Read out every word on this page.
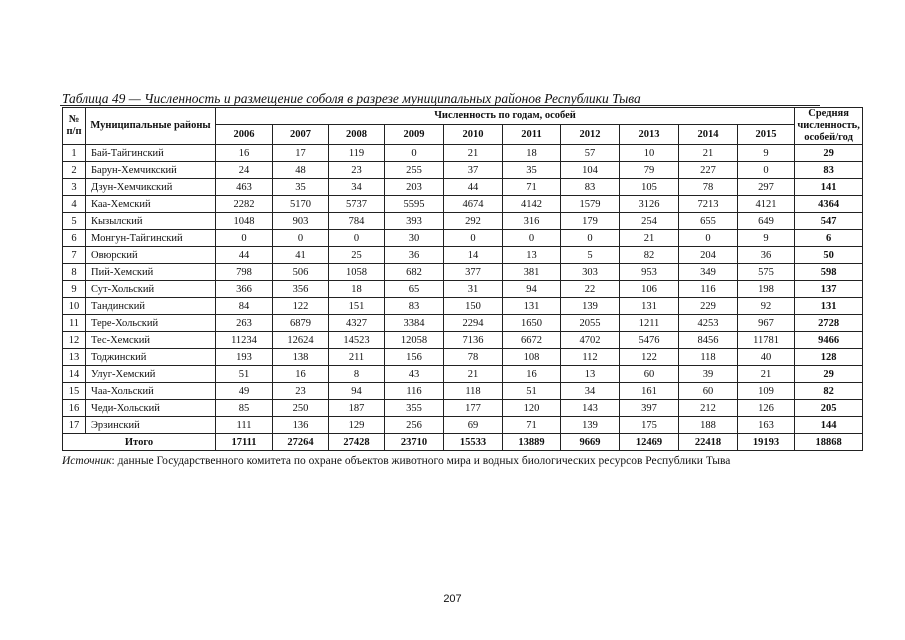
Таблица 49 — Численность и размещение соболя в разрезе муниципальных районов Республики Тыва
№ п/п	Муниципальные районы	Численность по годам, особей										Средняя численность, особей/год
		2006	2007	2008	2009	2010	2011	2012	2013	2014	2015	
1	Бай-Тайгинский	16	17	119	0	21	18	57	10	21	9	29
2	Барун-Хемчикский	24	48	23	255	37	35	104	79	227	0	83
3	Дзун-Хемчикский	463	35	34	203	44	71	83	105	78	297	141
4	Каа-Хемский	2282	5170	5737	5595	4674	4142	1579	3126	7213	4121	4364
5	Кызылский	1048	903	784	393	292	316	179	254	655	649	547
6	Монгун-Тайгинский	0	0	0	30	0	0	0	21	0	9	6
7	Овюрский	44	41	25	36	14	13	5	82	204	36	50
8	Пий-Хемский	798	506	1058	682	377	381	303	953	349	575	598
9	Сут-Хольский	366	356	18	65	31	94	22	106	116	198	137
10	Тандинский	84	122	151	83	150	131	139	131	229	92	131
11	Тере-Хольский	263	6879	4327	3384	2294	1650	2055	1211	4253	967	2728
12	Тес-Хемский	11234	12624	14523	12058	7136	6672	4702	5476	8456	11781	9466
13	Тоджинский	193	138	211	156	78	108	112	122	118	40	128
14	Улуг-Хемский	51	16	8	43	21	16	13	60	39	21	29
15	Чаа-Хольский	49	23	94	116	118	51	34	161	60	109	82
16	Чеди-Хольский	85	250	187	355	177	120	143	397	212	126	205
17	Эрзинский	111	136	129	256	69	71	139	175	188	163	144
Итого		17111	27264	27428	23710	15533	13889	9669	12469	22418	19193	18868
Источник: данные Государственного комитета по охране объектов животного мира и водных биологических ресурсов Республики Тыва
207
